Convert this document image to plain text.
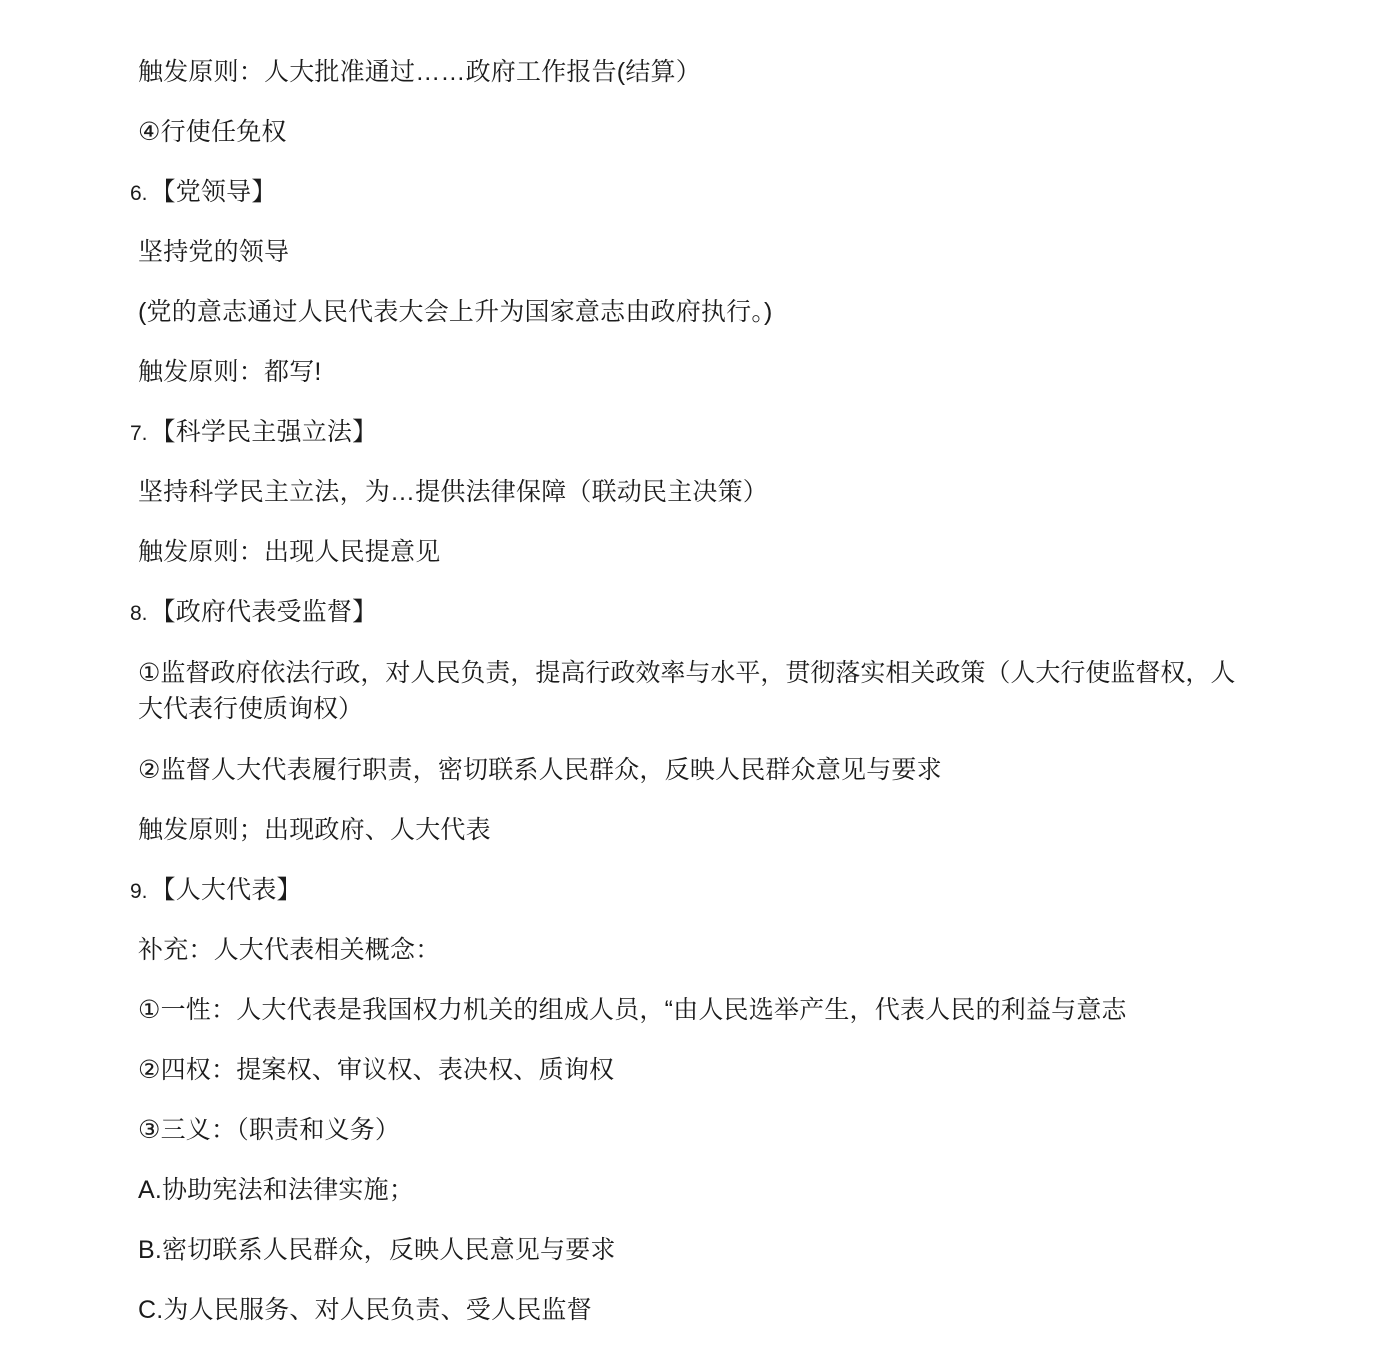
触发原则：人大批准通过……政府工作报告(结算）

④行使任免权

6. 【党领导】

坚持党的领导

(党的意志通过人民代表大会上升为国家意志由政府执行。)

触发原则：都写!

7. 【科学民主强立法】

坚持科学民主立法，为…提供法律保障（联动民主决策）

触发原则：出现人民提意见

8. 【政府代表受监督】

①监督政府依法行政，对人民负责，提高行政效率与水平，贯彻落实相关政策（人大行使监督权，人大代表行使质询权）

②监督人大代表履行职责，密切联系人民群众，反映人民群众意见与要求

触发原则；出现政府、人大代表

9. 【人大代表】

补充：人大代表相关概念：

①一性：人大代表是我国权力机关的组成人员，“由人民选举产生，代表人民的利益与意志

②四权：提案权、审议权、表决权、质询权

③三义：（职责和义务）

A.协助宪法和法律实施；

B.密切联系人民群众，反映人民意见与要求

C.为人民服务、对人民负责、受人民监督
